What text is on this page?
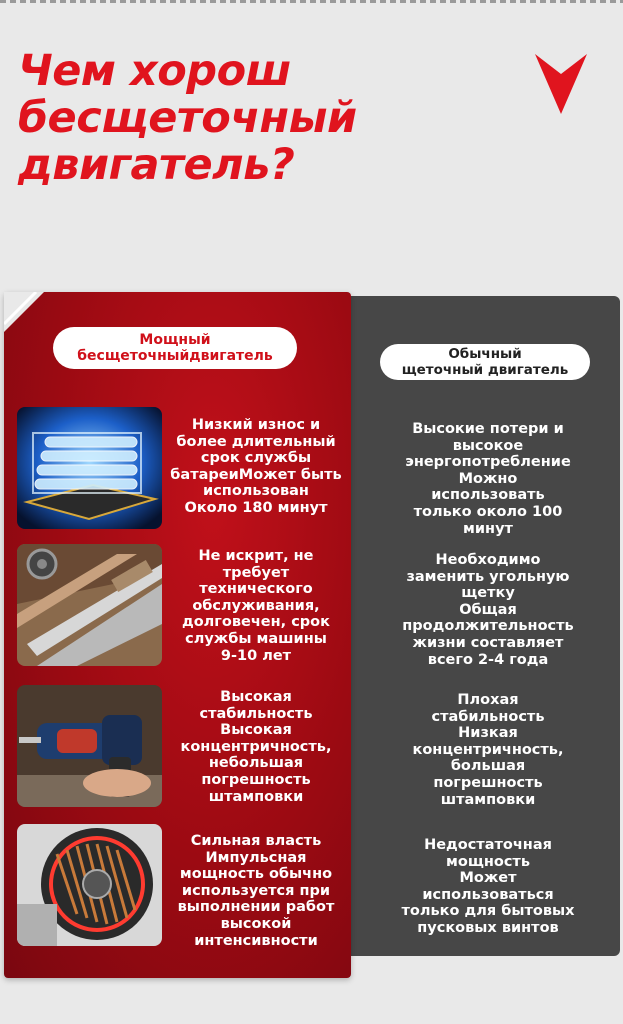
Чем хорош
бесщеточный
двигатель?
Мощный
бесщеточныйдвигатель	Обычный
щеточный двигатель
Низкий износ и
более длительный
срок службы
батареиМожет быть
использован
Около 180 минут
Не искрит, не
требует
технического
обслуживания,
долговечен, срок
службы машины
9-10 лет
Высокая
стабильность
Высокая
концентричность,
небольшая
погрешность
штамповки
Сильная власть
Импульсная
мощность обычно
используется при
выполнении работ
высокой
интенсивности
Высокие потери и
высокое
энергопотребление
Можно
использовать
только около 100
минут
Необходимо
заменить угольную
щетку
Общая
продолжительность
жизни составляет
всего 2-4 года
Плохая
стабильность
Низкая
концентричность,
большая
погрешность
штамповки
Недостаточная
мощность
Может
использоваться
только для бытовых
пусковых винтов
